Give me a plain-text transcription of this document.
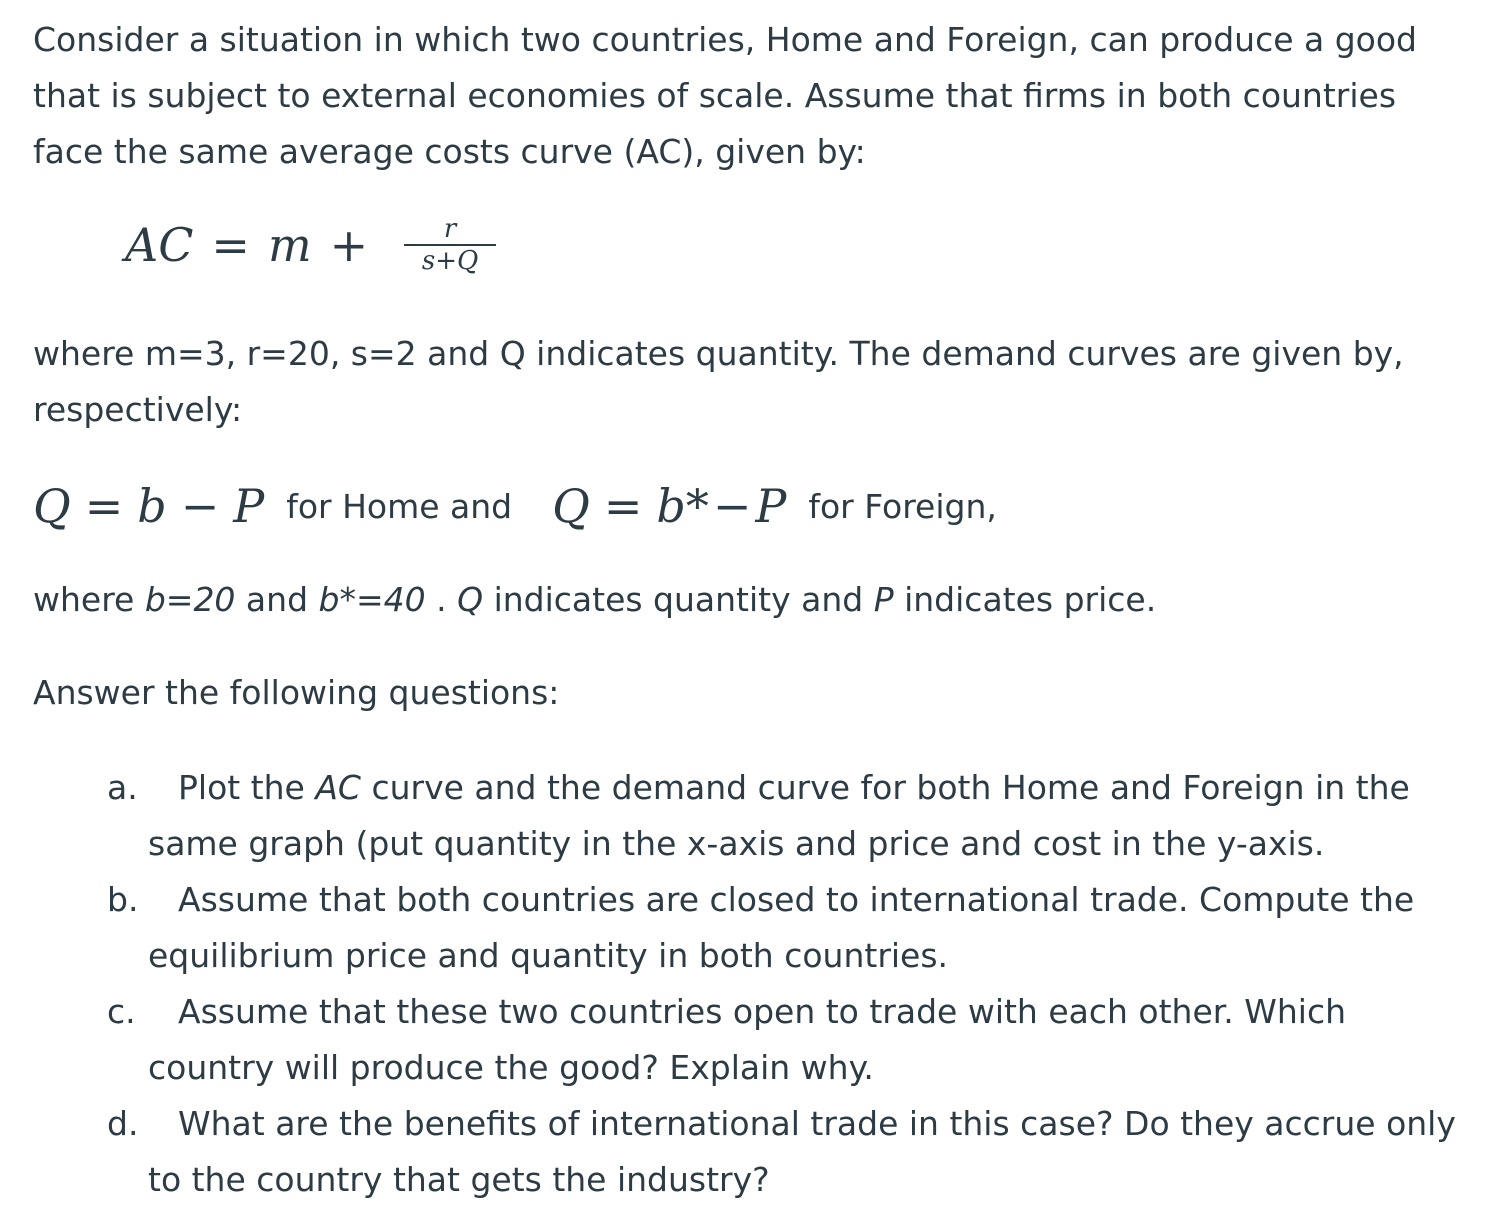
Consider a situation in which two countries, Home and Foreign, can produce a good that is subject to external economies of scale. Assume that firms in both countries face the same average costs curve (AC), given by:

AC = $m + \frac{r}{s+Q}$

where m=3, r=20, s=2 and Q indicates quantity. The demand curves are given by, respectively:

Q = b − P for Home and Q = b*−P for Foreign,

where b=20 and b*=40 . Q indicates quantity and P indicates price.

Answer the following questions:

a.	Plot the AC curve and the demand curve for both Home and Foreign in the same graph (put quantity in the x-axis and price and cost in the y-axis.
b.	Assume that both countries are closed to international trade. Compute the equilibrium price and quantity in both countries.
c.	Assume that these two countries open to trade with each other. Which country will produce the good? Explain why.
d.	What are the benefits of international trade in this case? Do they accrue only to the country that gets the industry?
